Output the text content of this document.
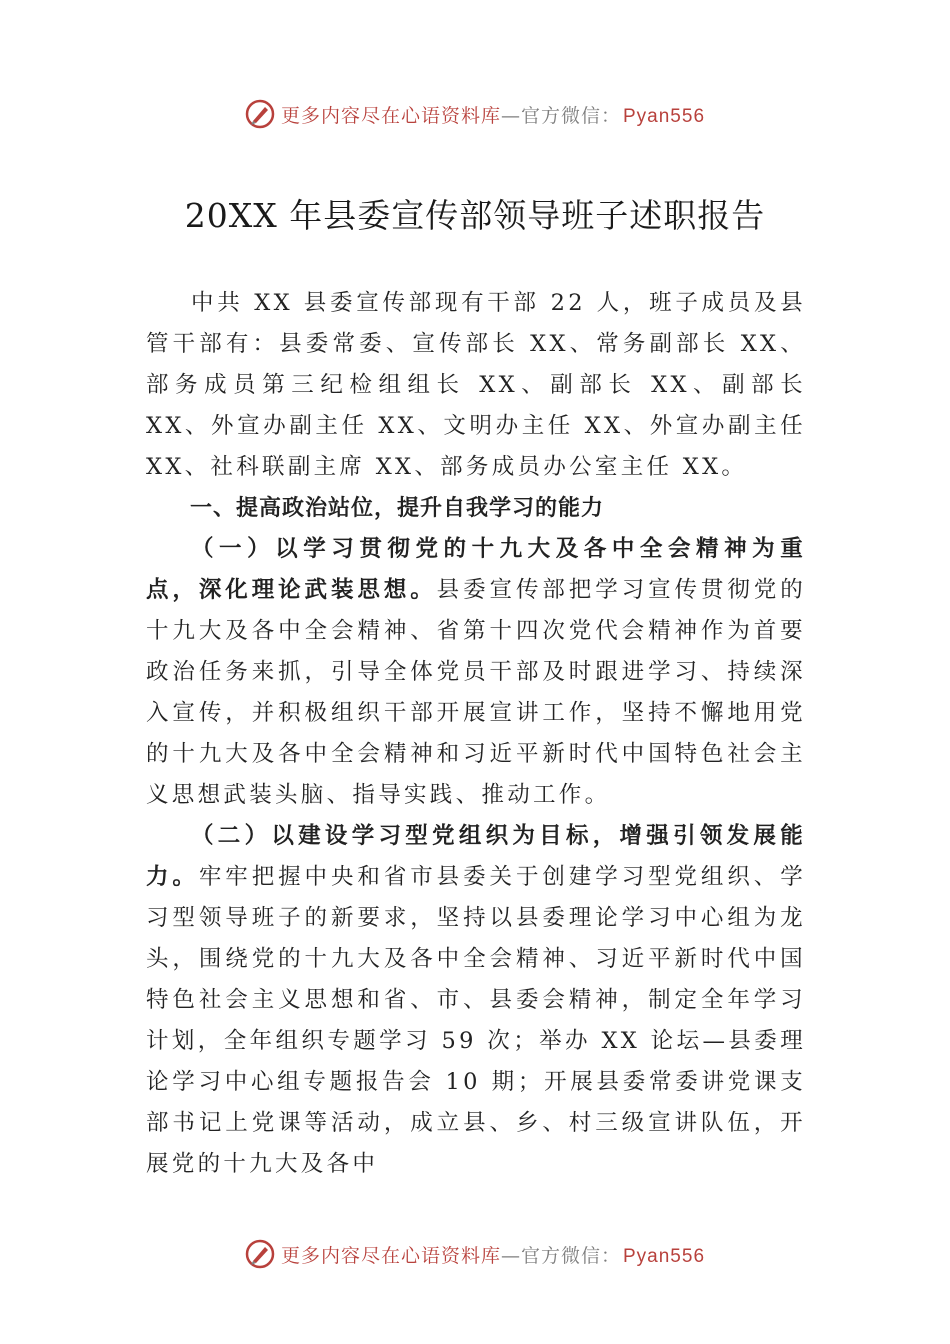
更多内容尽在心语资料库—官方微信： Pyan556
20XX 年县委宣传部领导班子述职报告

中共 XX 县委宣传部现有干部 22 人，班子成员及县管干部有：县委常委、宣传部长 XX、常务副部长 XX、部务成员第三纪检组组长 XX、副部长 XX、副部长 XX、外宣办副主任 XX、文明办主任 XX、外宣办副主任 XX、社科联副主席 XX、部务成员办公室主任 XX。

一、提高政治站位，提升自我学习的能力

（一）以学习贯彻党的十九大及各中全会精神为重点，深化理论武装思想。县委宣传部把学习宣传贯彻党的十九大及各中全会精神、省第十四次党代会精神作为首要政治任务来抓，引导全体党员干部及时跟进学习、持续深入宣传，并积极组织干部开展宣讲工作，坚持不懈地用党的十九大及各中全会精神和习近平新时代中国特色社会主义思想武装头脑、指导实践、推动工作。

（二）以建设学习型党组织为目标，增强引领发展能力。牢牢把握中央和省市县委关于创建学习型党组织、学习型领导班子的新要求，坚持以县委理论学习中心组为龙头，围绕党的十九大及各中全会精神、习近平新时代中国特色社会主义思想和省、市、县委会精神，制定全年学习计划，全年组织专题学习 59 次；举办 XX 论坛—县委理论学习中心组专题报告会 10 期；开展县委常委讲党课支部书记上党课等活动，成立县、乡、村三级宣讲队伍，开展党的十九大及各中

更多内容尽在心语资料库—官方微信： Pyan556
